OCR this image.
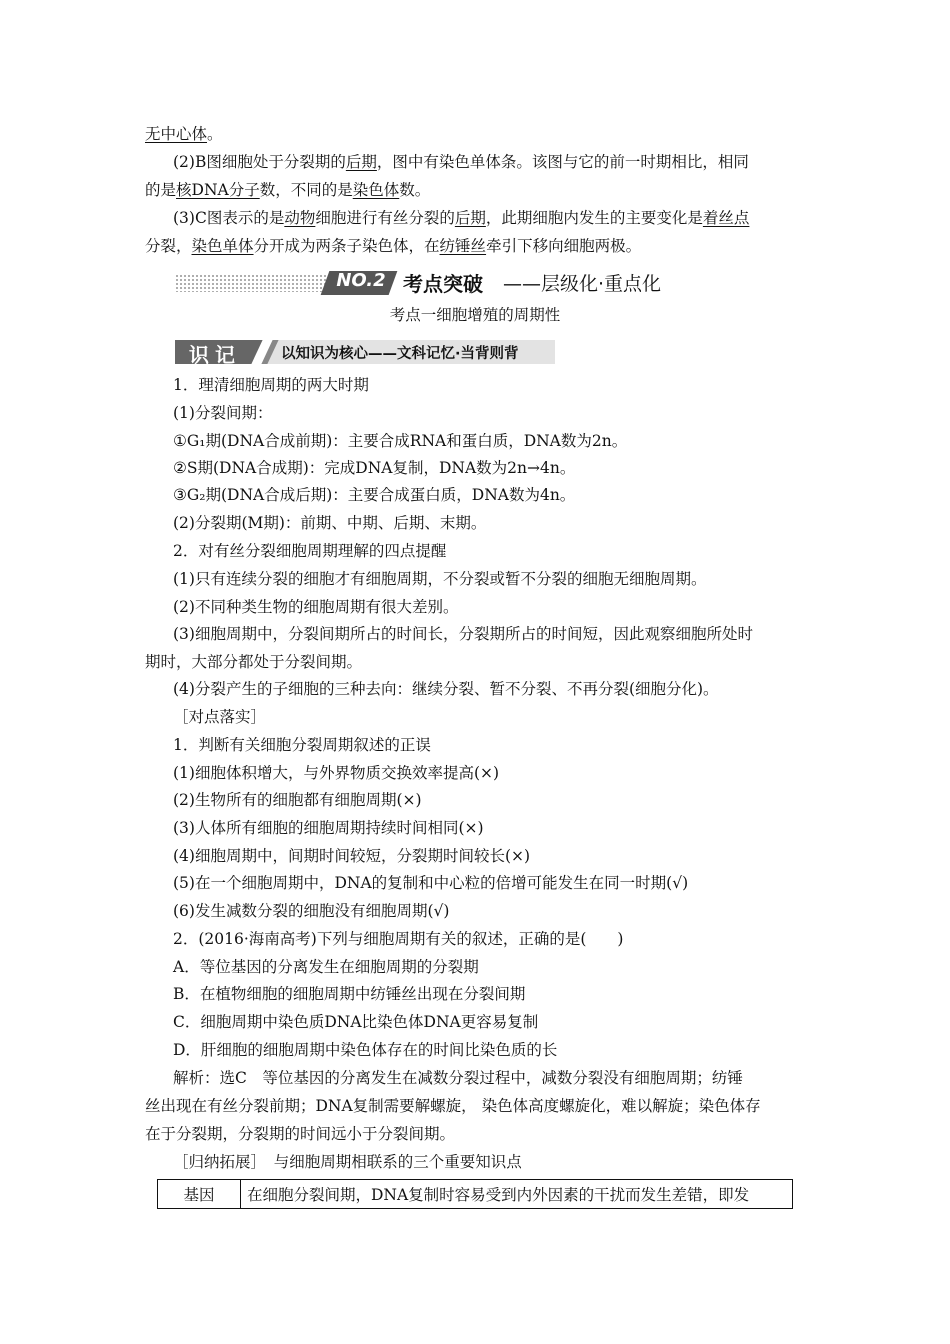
无中心体。
(2)B图细胞处于分裂期的后期，图中有染色单体条。该图与它的前一时期相比，相同
的是核DNA分子数，不同的是染色体数。
(3)C图表示的是动物细胞进行有丝分裂的后期，此期细胞内发生的主要变化是着丝点
分裂，染色单体分开成为两条子染色体，在纺锤丝牵引下移向细胞两极。
NO.2 考点突破 ——层级化·重点化
考点一细胞增殖的周期性
识记	以知识为核心——文科记忆·当背则背
1．理清细胞周期的两大时期
(1)分裂间期：
①G₁期(DNA合成前期)：主要合成RNA和蛋白质，DNA数为2n。
②S期(DNA合成期)：完成DNA复制，DNA数为2n→4n。
③G₂期(DNA合成后期)：主要合成蛋白质，DNA数为4n。
(2)分裂期(M期)：前期、中期、后期、末期。
2．对有丝分裂细胞周期理解的四点提醒
(1)只有连续分裂的细胞才有细胞周期，不分裂或暂不分裂的细胞无细胞周期。
(2)不同种类生物的细胞周期有很大差别。
(3)细胞周期中，分裂间期所占的时间长，分裂期所占的时间短，因此观察细胞所处时
期时，大部分都处于分裂间期。
(4)分裂产生的子细胞的三种去向：继续分裂、暂不分裂、不再分裂(细胞分化)。
［对点落实］
1．判断有关细胞分裂周期叙述的正误
(1)细胞体积增大，与外界物质交换效率提高(×)
(2)生物所有的细胞都有细胞周期(×)
(3)人体所有细胞的细胞周期持续时间相同(×)
(4)细胞周期中，间期时间较短，分裂期时间较长(×)
(5)在一个细胞周期中，DNA的复制和中心粒的倍增可能发生在同一时期(√)
(6)发生减数分裂的细胞没有细胞周期(√)
2．(2016·海南高考)下列与细胞周期有关的叙述，正确的是(　　)
A．等位基因的分离发生在细胞周期的分裂期
B．在植物细胞的细胞周期中纺锤丝出现在分裂间期
C．细胞周期中染色质DNA比染色体DNA更容易复制
D．肝细胞的细胞周期中染色体存在的时间比染色质的长
解析：选C　等位基因的分离发生在减数分裂过程中，减数分裂没有细胞周期；纺锤
丝出现在有丝分裂前期；DNA复制需要解螺旋， 染色体高度螺旋化，难以解旋；染色体存
在于分裂期，分裂期的时间远小于分裂间期。
［归纳拓展］　与细胞周期相联系的三个重要知识点
基因	在细胞分裂间期，DNA复制时容易受到内外因素的干扰而发生差错，即发
